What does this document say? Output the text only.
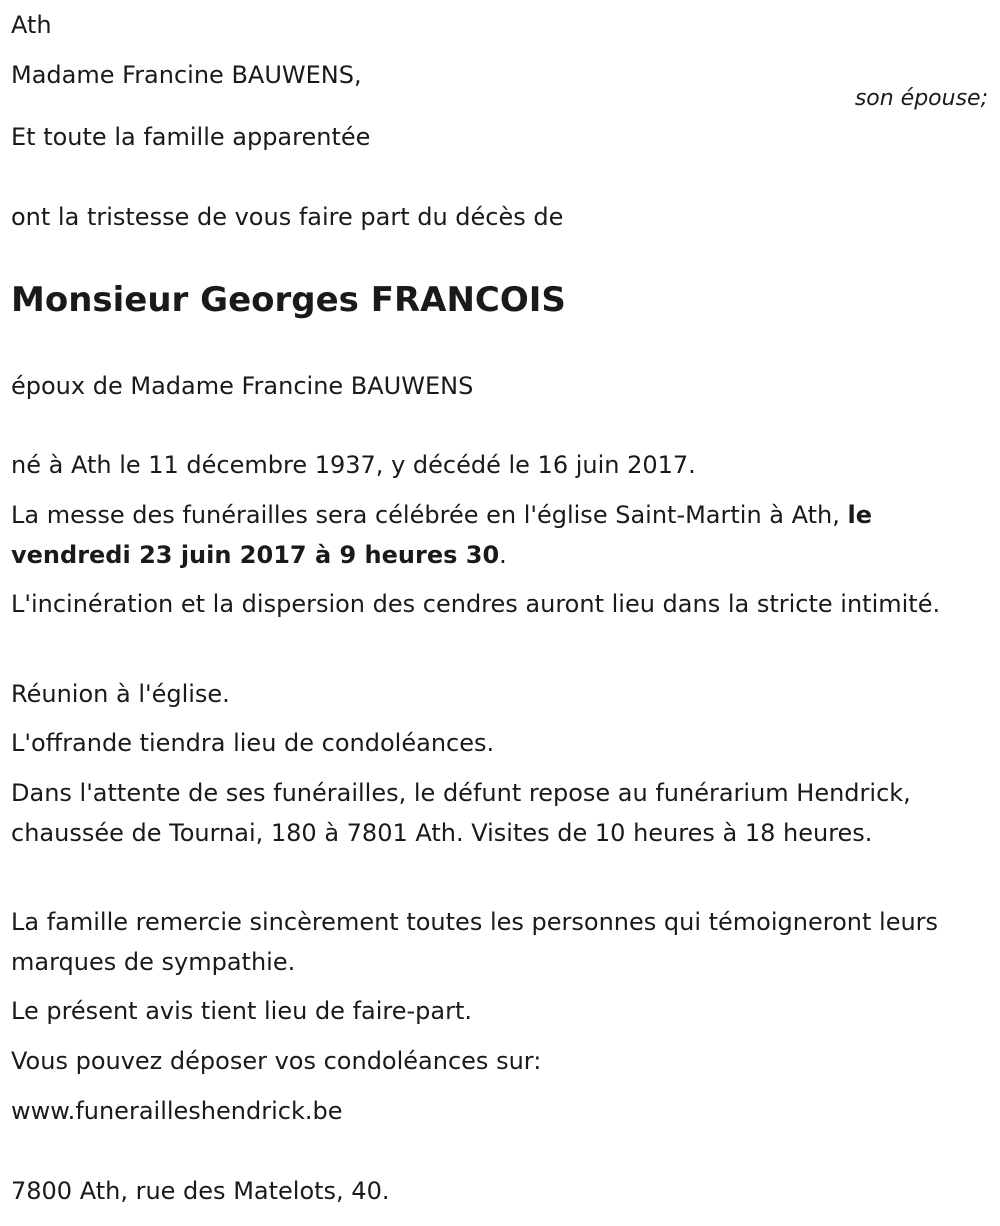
Ath

Madame Francine BAUWENS,

son épouse;

Et toute la famille apparentée

ont la tristesse de vous faire part du décès de

Monsieur Georges FRANCOIS

époux de Madame Francine BAUWENS

né à Ath le 11 décembre 1937, y décédé le 16 juin 2017.

La messe des funérailles sera célébrée en l'église Saint-Martin à Ath, le vendredi 23 juin 2017 à 9 heures 30.

L'incinération et la dispersion des cendres auront lieu dans la stricte intimité.

Réunion à l'église.

L'offrande tiendra lieu de condoléances.

Dans l'attente de ses funérailles, le défunt repose au funérarium Hendrick, chaussée de Tournai, 180 à 7801 Ath. Visites de 10 heures à 18 heures.

La famille remercie sincèrement toutes les personnes qui témoigneront leurs marques de sympathie.

Le présent avis tient lieu de faire-part.

Vous pouvez déposer vos condoléances sur:

www.funerailleshendrick.be

7800 Ath, rue des Matelots, 40.
